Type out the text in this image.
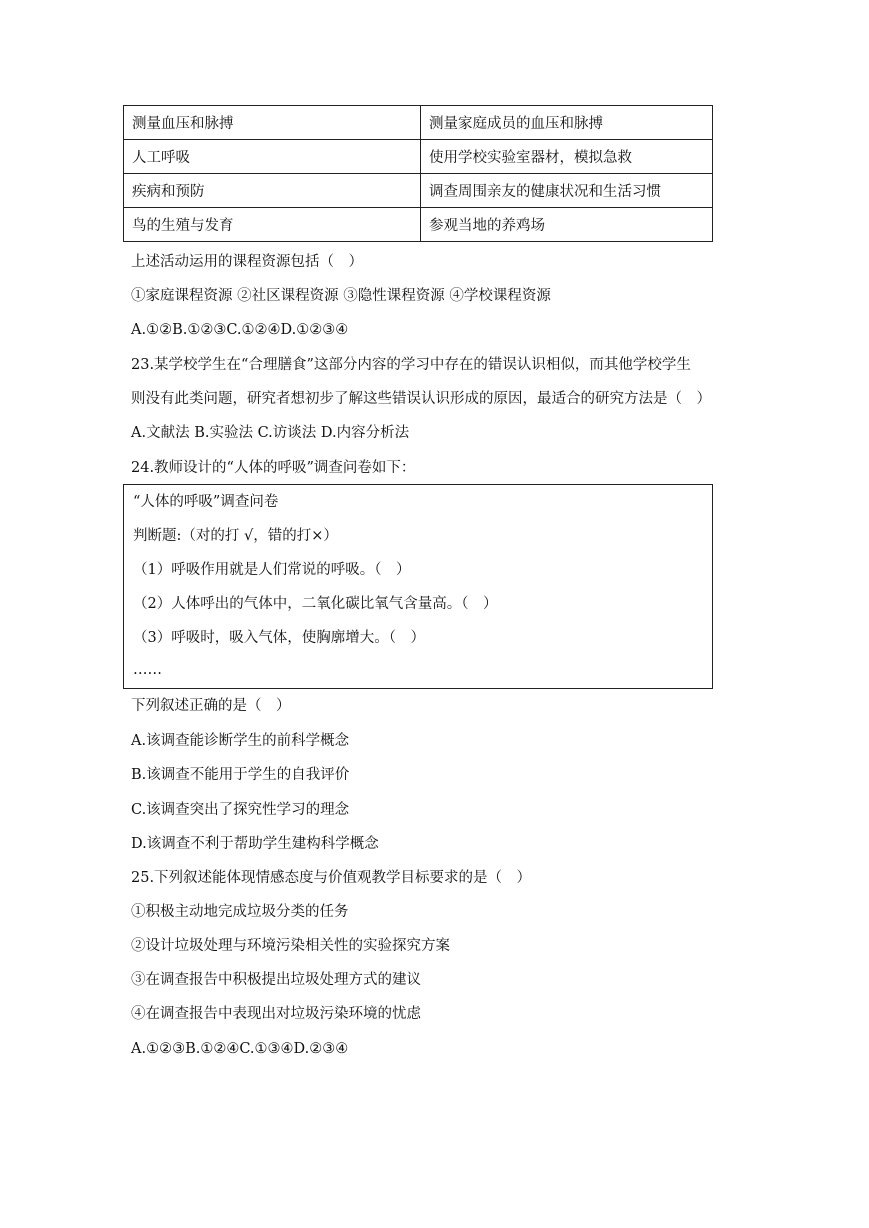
测量血压和脉搏	测量家庭成员的血压和脉搏
人工呼吸	使用学校实验室器材，模拟急救
疾病和预防	调查周围亲友的健康状况和生活习惯
鸟的生殖与发育	参观当地的养鸡场
上述活动运用的课程资源包括（　）
①家庭课程资源 ②社区课程资源 ③隐性课程资源 ④学校课程资源
A.①②B.①②③C.①②④D.①②③④
23.某学校学生在“合理膳食”这部分内容的学习中存在的错误认识相似，而其他学校学生
则没有此类问题，研究者想初步了解这些错误认识形成的原因，最适合的研究方法是（　）
A.文献法 B.实验法 C.访谈法 D.内容分析法
24.教师设计的“人体的呼吸”调查问卷如下：
“人体的呼吸”调查问卷
判断题:（对的打 √，错的打×）
（1）呼吸作用就是人们常说的呼吸。（　）
（2）人体呼出的气体中，二氧化碳比氧气含量高。（　）
（3）呼吸时，吸入气体，使胸廓增大。（　）
……
下列叙述正确的是（　）
A.该调查能诊断学生的前科学概念
B.该调查不能用于学生的自我评价
C.该调查突出了探究性学习的理念
D.该调查不利于帮助学生建构科学概念
25.下列叙述能体现情感态度与价值观教学目标要求的是（　）
①积极主动地完成垃圾分类的任务
②设计垃圾处理与环境污染相关性的实验探究方案
③在调查报告中积极提出垃圾处理方式的建议
④在调查报告中表现出对垃圾污染环境的忧虑
A.①②③B.①②④C.①③④D.②③④
